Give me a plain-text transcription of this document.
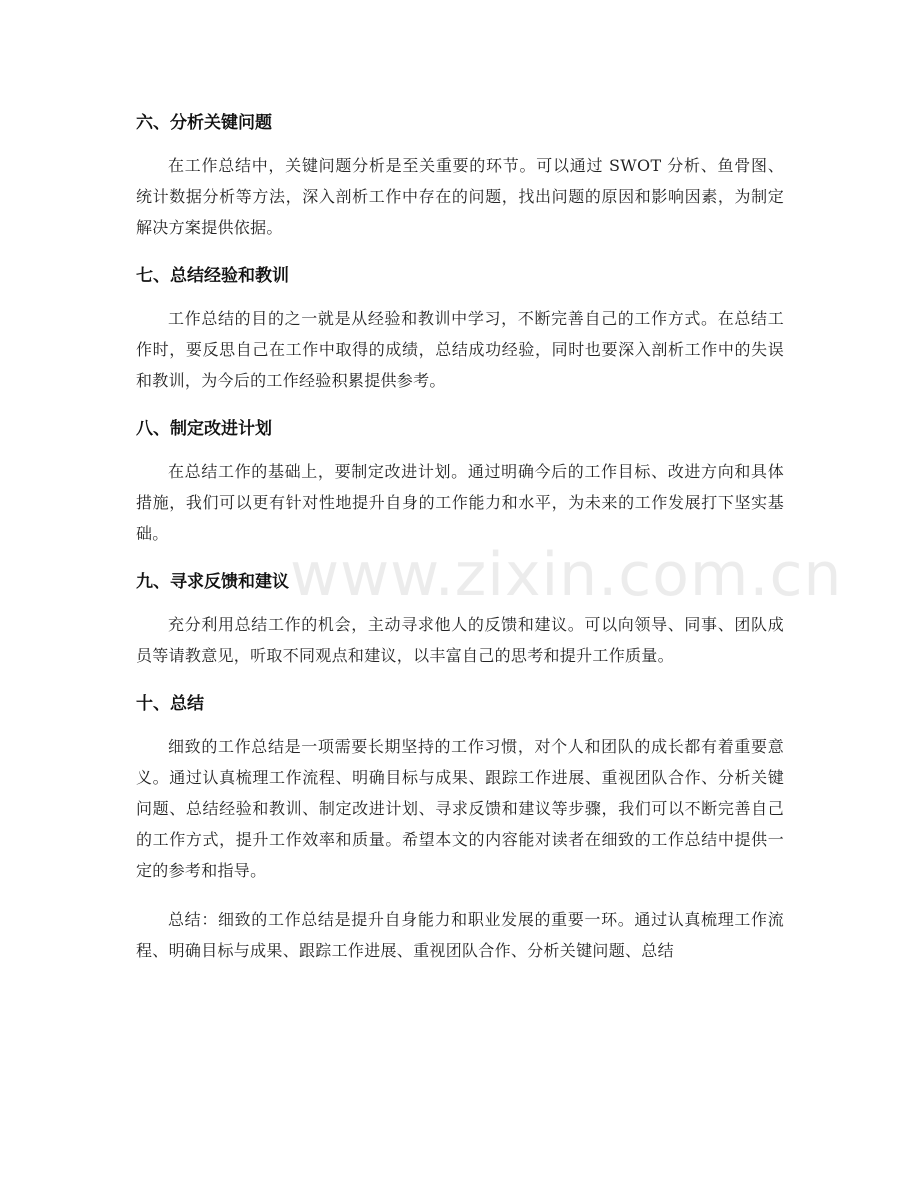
六、分析关键问题

在工作总结中，关键问题分析是至关重要的环节。可以通过 SWOT 分析、鱼骨图、统计数据分析等方法，深入剖析工作中存在的问题，找出问题的原因和影响因素，为制定解决方案提供依据。

七、总结经验和教训

工作总结的目的之一就是从经验和教训中学习，不断完善自己的工作方式。在总结工作时，要反思自己在工作中取得的成绩，总结成功经验，同时也要深入剖析工作中的失误和教训，为今后的工作经验积累提供参考。

八、制定改进计划

在总结工作的基础上，要制定改进计划。通过明确今后的工作目标、改进方向和具体措施，我们可以更有针对性地提升自身的工作能力和水平，为未来的工作发展打下坚实基础。

九、寻求反馈和建议

充分利用总结工作的机会，主动寻求他人的反馈和建议。可以向领导、同事、团队成员等请教意见，听取不同观点和建议，以丰富自己的思考和提升工作质量。

十、总结

细致的工作总结是一项需要长期坚持的工作习惯，对个人和团队的成长都有着重要意义。通过认真梳理工作流程、明确目标与成果、跟踪工作进展、重视团队合作、分析关键问题、总结经验和教训、制定改进计划、寻求反馈和建议等步骤，我们可以不断完善自己的工作方式，提升工作效率和质量。希望本文的内容能对读者在细致的工作总结中提供一定的参考和指导。

总结：细致的工作总结是提升自身能力和职业发展的重要一环。通过认真梳理工作流程、明确目标与成果、跟踪工作进展、重视团队合作、分析关键问题、总结

www.zixin.com.cn
